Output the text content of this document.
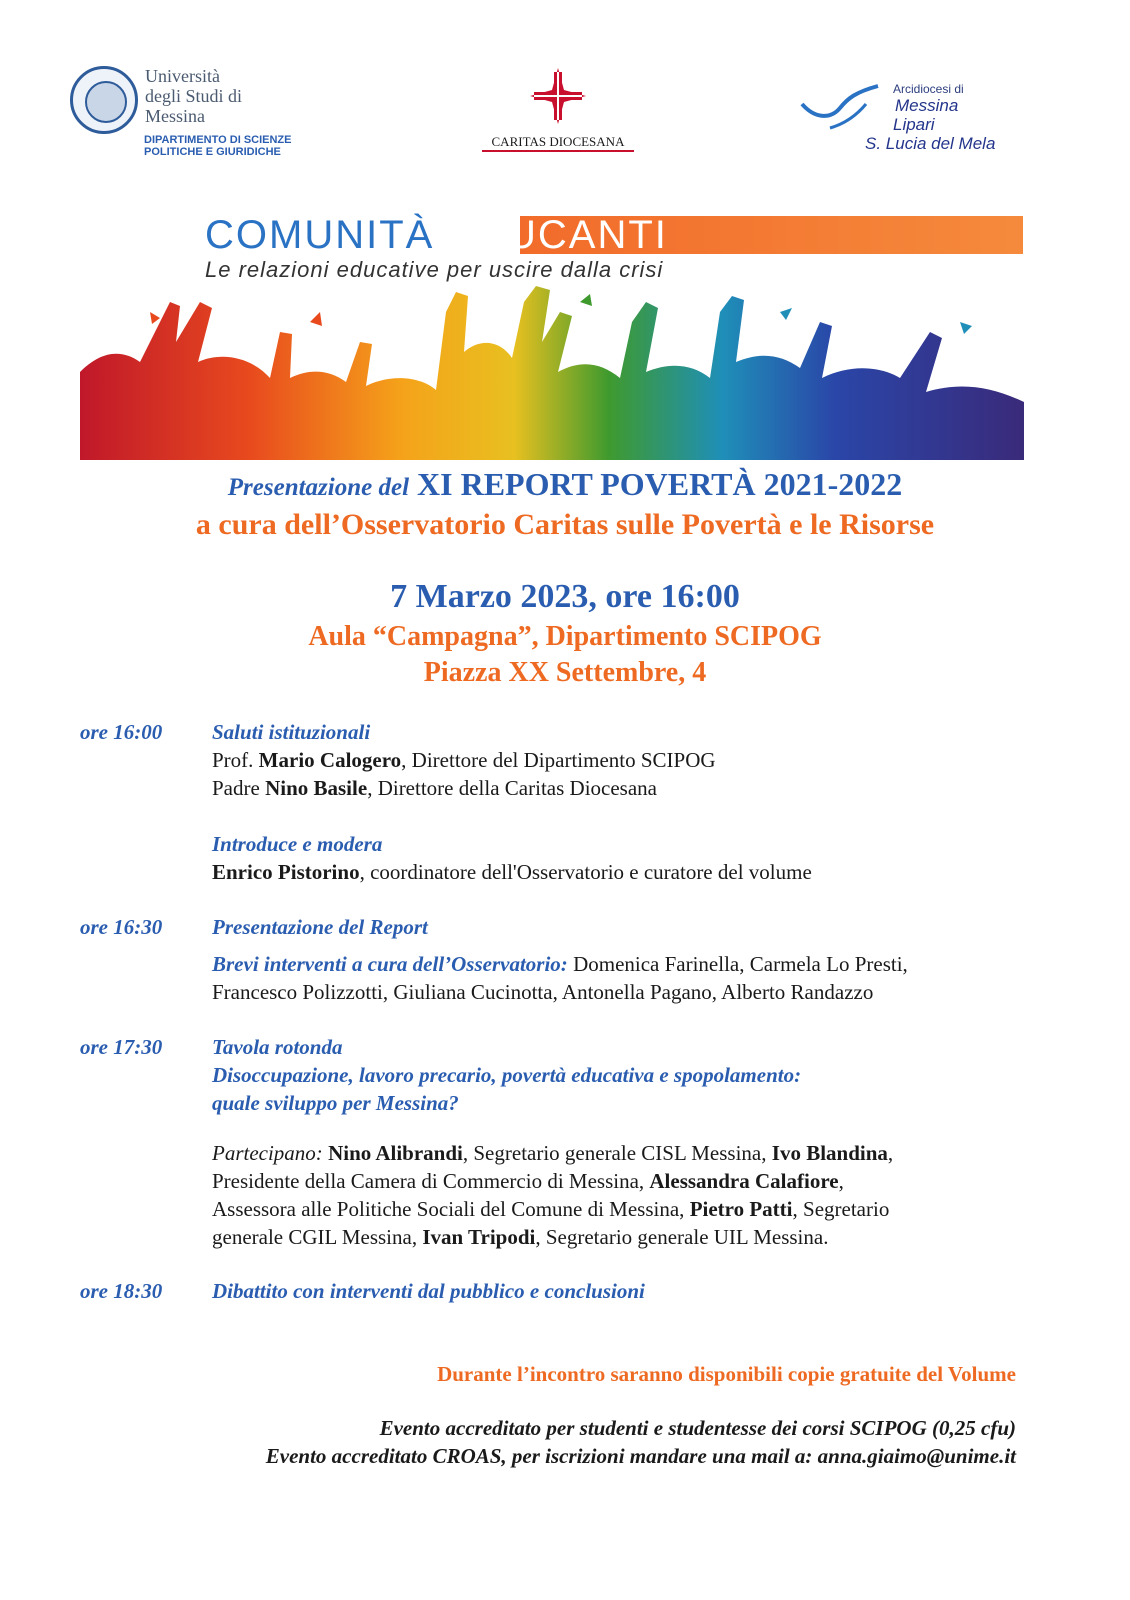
Università
degli Studi di
Messina
DIPARTIMENTO DI SCIENZE
POLITICHE E GIURIDICHE
CARITAS DIOCESANA
Arcidiocesi di
Messina
Lipari
S. Lucia del Mela
COMUNITÀ EDUCANTI
Le relazioni educative per uscire dalla crisi
Presentazione del XI REPORT POVERTÀ 2021-2022
a cura dell’Osservatorio Caritas sulle Povertà e le Risorse
7 Marzo 2023, ore 16:00
Aula “Campagna”, Dipartimento SCIPOG
Piazza XX Settembre, 4
ore 16:00 Saluti istituzionali
Prof. Mario Calogero, Direttore del Dipartimento SCIPOG
Padre Nino Basile, Direttore della Caritas Diocesana
Introduce e modera
Enrico Pistorino, coordinatore dell'Osservatorio e curatore del volume
ore 16:30 Presentazione del Report
Brevi interventi a cura dell’Osservatorio: Domenica Farinella, Carmela Lo Presti,
Francesco Polizzotti, Giuliana Cucinotta, Antonella Pagano, Alberto Randazzo
ore 17:30 Tavola rotonda
Disoccupazione, lavoro precario, povertà educativa e spopolamento:
quale sviluppo per Messina?
Partecipano: Nino Alibrandi, Segretario generale CISL Messina, Ivo Blandina,
Presidente della Camera di Commercio di Messina, Alessandra Calafiore,
Assessora alle Politiche Sociali del Comune di Messina, Pietro Patti, Segretario
generale CGIL Messina, Ivan Tripodi, Segretario generale UIL Messina.
ore 18:30 Dibattito con interventi dal pubblico e conclusioni
Durante l’incontro saranno disponibili copie gratuite del Volume
Evento accreditato per studenti e studentesse dei corsi SCIPOG (0,25 cfu)
Evento accreditato CROAS, per iscrizioni mandare una mail a: anna.giaimo@unime.it
